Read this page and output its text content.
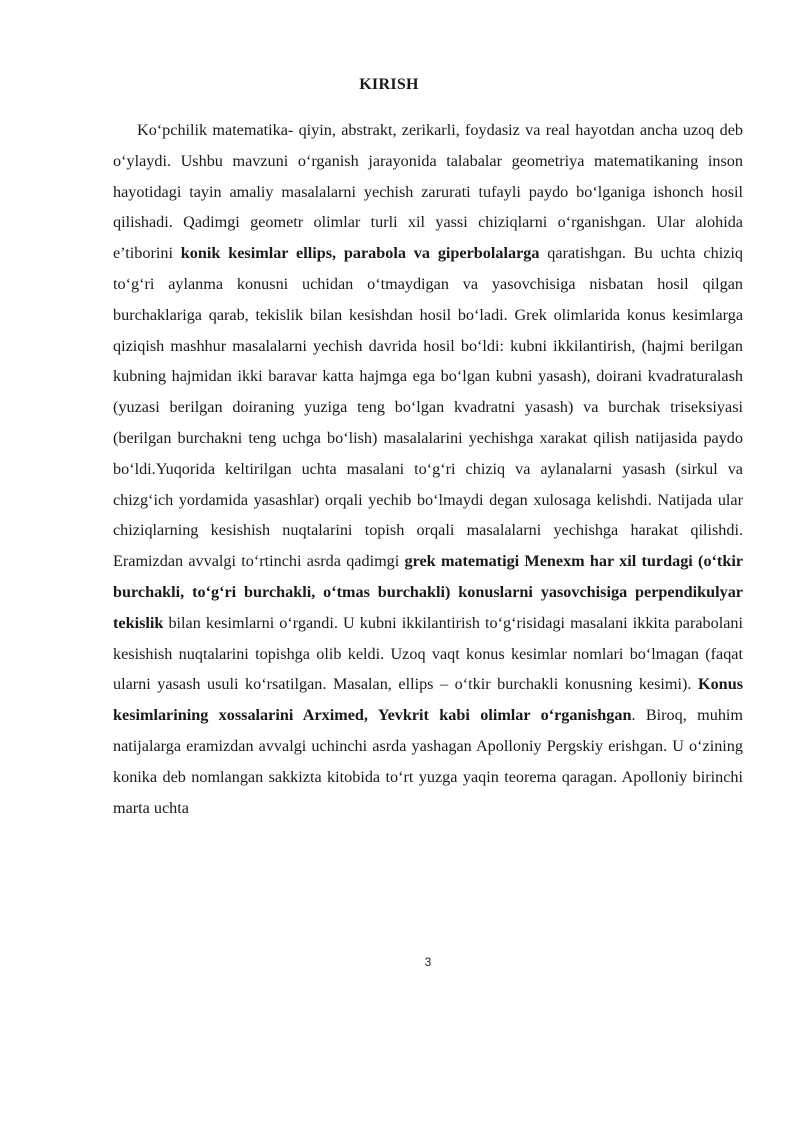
KIRISH

Ko‘pchilik matematika- qiyin, abstrakt, zerikarli, foydasiz va real hayotdan ancha uzoq deb o‘ylaydi. Ushbu mavzuni o‘rganish jarayonida talabalar geometriya matematikaning inson hayotidagi tayin amaliy masalalarni yechish zarurati tufayli paydo bo‘lganiga ishonch hosil qilishadi. Qadimgi geometr olimlar turli xil yassi chiziqlarni o‘rganishgan. Ular alohida e’tiborini konik kesimlar ellips, parabola va giperbolalarga qaratishgan. Bu uchta chiziq to‘g‘ri aylanma konusni uchidan o‘tmaydigan va yasovchisiga nisbatan hosil qilgan burchaklariga qarab, tekislik bilan kesishdan hosil bo‘ladi. Grek olimlarida konus kesimlarga qiziqish mashhur masalalarni yechish davrida hosil bo‘ldi: kubni ikkilantirish, (hajmi berilgan kubning hajmidan ikki baravar katta hajmga ega bo‘lgan kubni yasash), doirani kvadraturalash (yuzasi berilgan doiraning yuziga teng bo‘lgan kvadratni yasash) va burchak triseksiyasi (berilgan burchakni teng uchga bo‘lish) masalalarini yechishga xarakat qilish natijasida paydo bo‘ldi.Yuqorida keltirilgan uchta masalani to‘g‘ri chiziq va aylanalarni yasash (sirkul va chizg‘ich yordamida yasashlar) orqali yechib bo‘lmaydi degan xulosaga kelishdi. Natijada ular chiziqlarning kesishish nuqtalarini topish orqali masalalarni yechishga harakat qilishdi. Eramizdan avvalgi to‘rtinchi asrda qadimgi grek matematigi Menexm har xil turdagi (o‘tkir burchakli, to‘g‘ri burchakli, o‘tmas burchakli) konuslarni yasovchisiga perpendikulyar tekislik bilan kesimlarni o‘rgandi. U kubni ikkilantirish to‘g‘risidagi masalani ikkita parabolani kesishish nuqtalarini topishga olib keldi. Uzoq vaqt konus kesimlar nomlari bo‘lmagan (faqat ularni yasash usuli ko‘rsatilgan. Masalan, ellips – o‘tkir burchakli konusning kesimi). Konus kesimlarining xossalarini Arximed, Yevkrit kabi olimlar o‘rganishgan. Biroq, muhim natijalarga eramizdan avvalgi uchinchi asrda yashagan Apolloniy Pergskiy erishgan. U o‘zining konika deb nomlangan sakkizta kitobida to‘rt yuzga yaqin teorema qaragan. Apolloniy birinchi marta uchta

3
